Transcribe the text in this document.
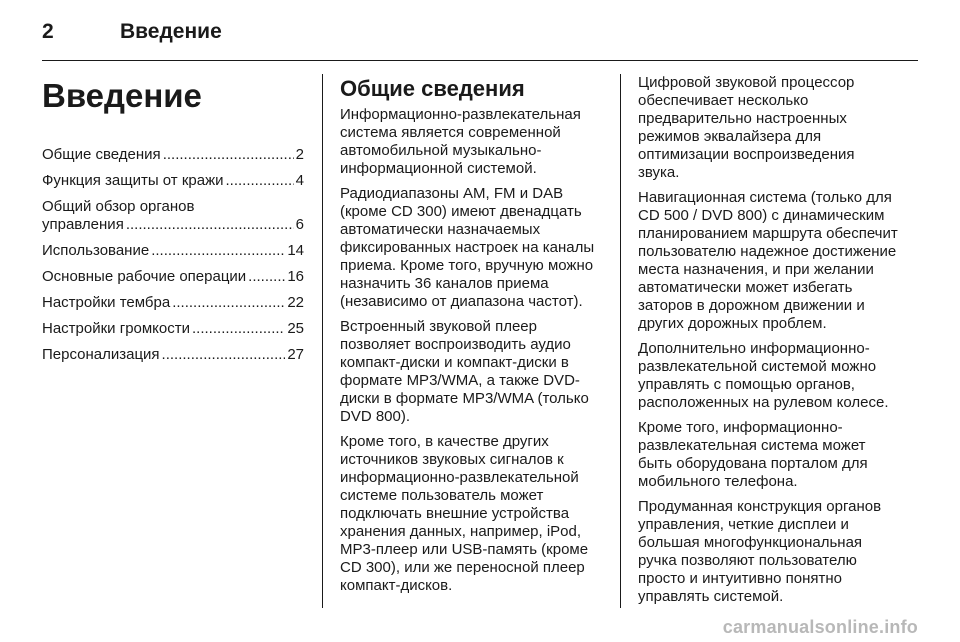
2	Введение
Введение
Общие сведения .....	2
Функция защиты от кражи .....	4
Общий обзор органов
управления .....	6
Использование .....	14
Основные рабочие операции .....	16
Настройки тембра .....	22
Настройки громкости .....	25
Персонализация .....	27
Общие сведения

Информационно-развлекательная система является современной автомобильной музыкально-информационной системой.

Радиодиапазоны AM, FM и DAB (кроме CD 300) имеют двенадцать автоматически назначаемых фиксированных настроек на каналы приема. Кроме того, вручную можно назначить 36 каналов приема (независимо от диапазона частот).

Встроенный звуковой плеер позволяет воспроизводить аудио компакт-диски и компакт-диски в формате MP3/WMA, а также DVD-диски в формате MP3/WMA (только DVD 800).

Кроме того, в качестве других источников звуковых сигналов к информационно-развлекательной системе пользователь может подключать внешние устройства хранения данных, например, iPod, MP3-плеер или USB-память (кроме CD 300), или же переносной плеер компакт-дисков.

Цифровой звуковой процессор обеспечивает несколько предварительно настроенных режимов эквалайзера для оптимизации воспроизведения звука.

Навигационная система (только для CD 500 / DVD 800) с динамическим планированием маршрута обеспечит пользователю надежное достижение места назначения, и при желании автоматически может избегать заторов в дорожном движении и других дорожных проблем.

Дополнительно информационно-развлекательной системой можно управлять с помощью органов, расположенных на рулевом колесе.

Кроме того, информационно-развлекательная система может быть оборудована порталом для мобильного телефона.

Продуманная конструкция органов управления, четкие дисплеи и большая многофункциональная ручка позволяют пользователю просто и интуитивно понятно управлять системой.

carmanualsonline.info
